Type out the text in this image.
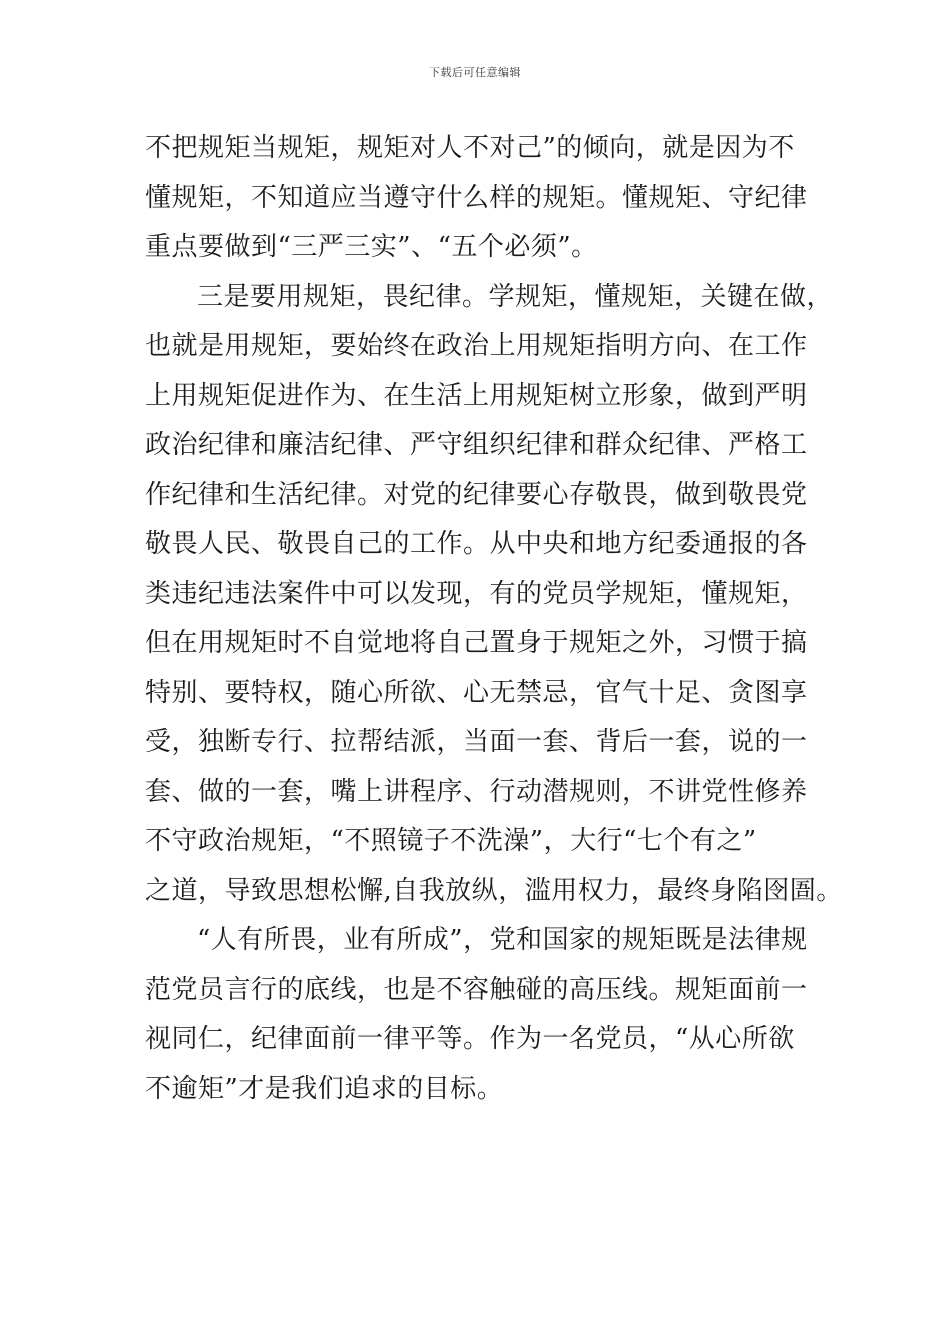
下载后可任意编辑
不把规矩当规矩，规矩对人不对己”的倾向，就是因为不
懂规矩，不知道应当遵守什么样的规矩。懂规矩、守纪律
重点要做到“三严三实”、“五个必须”。
三是要用规矩，畏纪律。学规矩，懂规矩，关键在做，
也就是用规矩，要始终在政治上用规矩指明方向、在工作
上用规矩促进作为、在生活上用规矩树立形象，做到严明
政治纪律和廉洁纪律、严守组织纪律和群众纪律、严格工
作纪律和生活纪律。对党的纪律要心存敬畏，做到敬畏党
敬畏人民、敬畏自己的工作。从中央和地方纪委通报的各
类违纪违法案件中可以发现，有的党员学规矩，懂规矩，
但在用规矩时不自觉地将自己置身于规矩之外，习惯于搞
特别、要特权，随心所欲、心无禁忌，官气十足、贪图享
受，独断专行、拉帮结派，当面一套、背后一套，说的一
套、做的一套，嘴上讲程序、行动潜规则，不讲党性修养
不守政治规矩，“不照镜子不洗澡”，大行“七个有之”
之道，导致思想松懈,自我放纵，滥用权力，最终身陷囹圄。
“人有所畏，业有所成”，党和国家的规矩既是法律规
范党员言行的底线，也是不容触碰的高压线。规矩面前一
视同仁，纪律面前一律平等。作为一名党员，“从心所欲
不逾矩”才是我们追求的目标。
